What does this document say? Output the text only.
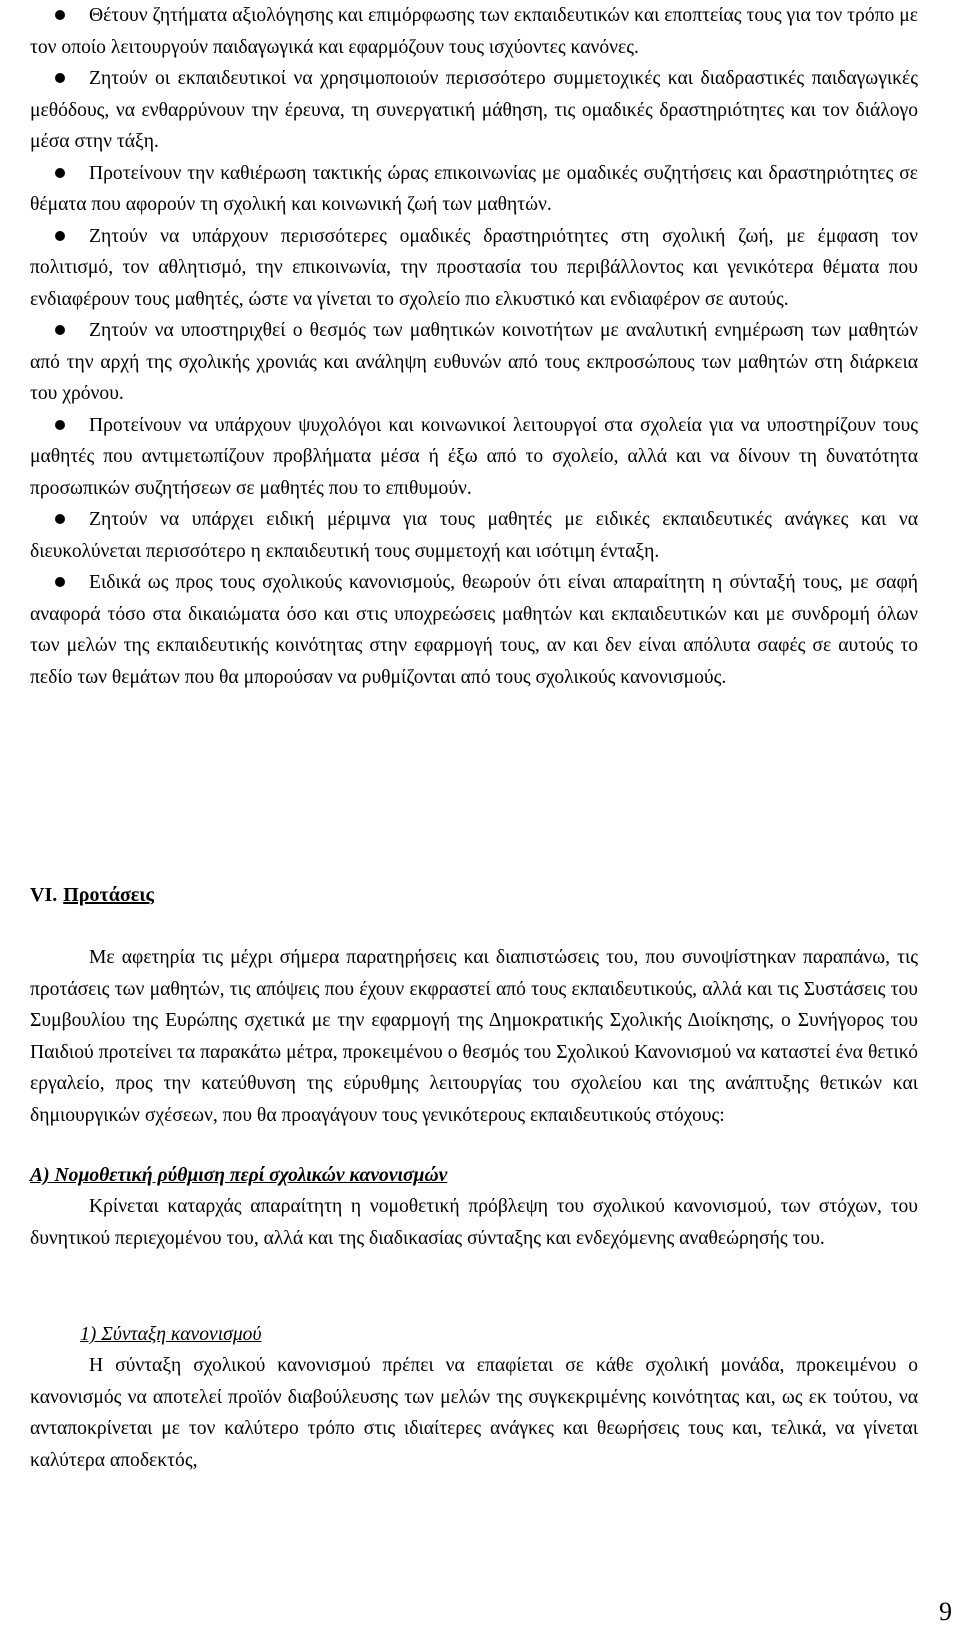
Θέτουν ζητήματα αξιολόγησης και επιμόρφωσης των εκπαιδευτικών και εποπτείας τους για τον τρόπο με τον οποίο λειτουργούν παιδαγωγικά και εφαρμόζουν τους ισχύοντες κανόνες.
Ζητούν οι εκπαιδευτικοί να χρησιμοποιούν περισσότερο συμμετοχικές και διαδραστικές παιδαγωγικές μεθόδους, να ενθαρρύνουν την έρευνα, τη συνεργατική μάθηση, τις ομαδικές δραστηριότητες και τον διάλογο μέσα στην τάξη.
Προτείνουν την καθιέρωση τακτικής ώρας επικοινωνίας με ομαδικές συζητήσεις και δραστηριότητες σε θέματα που αφορούν τη σχολική και κοινωνική ζωή των μαθητών.
Ζητούν να υπάρχουν περισσότερες ομαδικές δραστηριότητες στη σχολική ζωή, με έμφαση τον πολιτισμό, τον αθλητισμό, την επικοινωνία, την προστασία του περιβάλλοντος και γενικότερα θέματα που ενδιαφέρουν τους μαθητές, ώστε να γίνεται το σχολείο πιο ελκυστικό και ενδιαφέρον σε αυτούς.
Ζητούν να υποστηριχθεί ο θεσμός των μαθητικών κοινοτήτων με αναλυτική ενημέρωση των μαθητών από την αρχή της σχολικής χρονιάς και ανάληψη ευθυνών από τους εκπροσώπους των μαθητών στη διάρκεια του χρόνου.
Προτείνουν να υπάρχουν ψυχολόγοι και κοινωνικοί λειτουργοί στα σχολεία για να υποστηρίζουν τους μαθητές που αντιμετωπίζουν προβλήματα μέσα ή έξω από το σχολείο, αλλά και να δίνουν τη δυνατότητα προσωπικών συζητήσεων σε μαθητές που το επιθυμούν.
Ζητούν να υπάρχει ειδική μέριμνα για τους μαθητές με ειδικές εκπαιδευτικές ανάγκες και να διευκολύνεται περισσότερο η εκπαιδευτική τους συμμετοχή και ισότιμη ένταξη.
Ειδικά ως προς τους σχολικούς κανονισμούς, θεωρούν ότι είναι απαραίτητη η σύνταξή τους, με σαφή αναφορά τόσο στα δικαιώματα όσο και στις υποχρεώσεις μαθητών και εκπαιδευτικών και με συνδρομή όλων των μελών της εκπαιδευτικής κοινότητας στην εφαρμογή τους, αν και δεν είναι απόλυτα σαφές σε αυτούς το πεδίο των θεμάτων που θα μπορούσαν να ρυθμίζονται από τους σχολικούς κανονισμούς.
VI. Προτάσεις

Με αφετηρία τις μέχρι σήμερα παρατηρήσεις και διαπιστώσεις του, που συνοψίστηκαν παραπάνω, τις προτάσεις των μαθητών, τις απόψεις που έχουν εκφραστεί από τους εκπαιδευτικούς, αλλά και τις Συστάσεις του Συμβουλίου της Ευρώπης σχετικά με την εφαρμογή της Δημοκρατικής Σχολικής Διοίκησης, ο Συνήγορος του Παιδιού προτείνει τα παρακάτω μέτρα, προκειμένου ο θεσμός του Σχολικού Κανονισμού να καταστεί ένα θετικό εργαλείο, προς την κατεύθυνση της εύρυθμης λειτουργίας του σχολείου και της ανάπτυξης θετικών και δημιουργικών σχέσεων, που θα προαγάγουν τους γενικότερους εκπαιδευτικούς στόχους:

Α) Νομοθετική ρύθμιση περί σχολικών κανονισμών

Κρίνεται καταρχάς απαραίτητη η νομοθετική πρόβλεψη του σχολικού κανονισμού, των στόχων, του δυνητικού περιεχομένου του, αλλά και της διαδικασίας σύνταξης και ενδεχόμενης αναθεώρησής του.

1) Σύνταξη κανονισμού

Η σύνταξη σχολικού κανονισμού πρέπει να επαφίεται σε κάθε σχολική μονάδα, προκειμένου ο κανονισμός να αποτελεί προϊόν διαβούλευσης των μελών της συγκεκριμένης κοινότητας και, ως εκ τούτου, να ανταποκρίνεται με τον καλύτερο τρόπο στις ιδιαίτερες ανάγκες και θεωρήσεις τους και, τελικά, να γίνεται καλύτερα αποδεκτός,

9
